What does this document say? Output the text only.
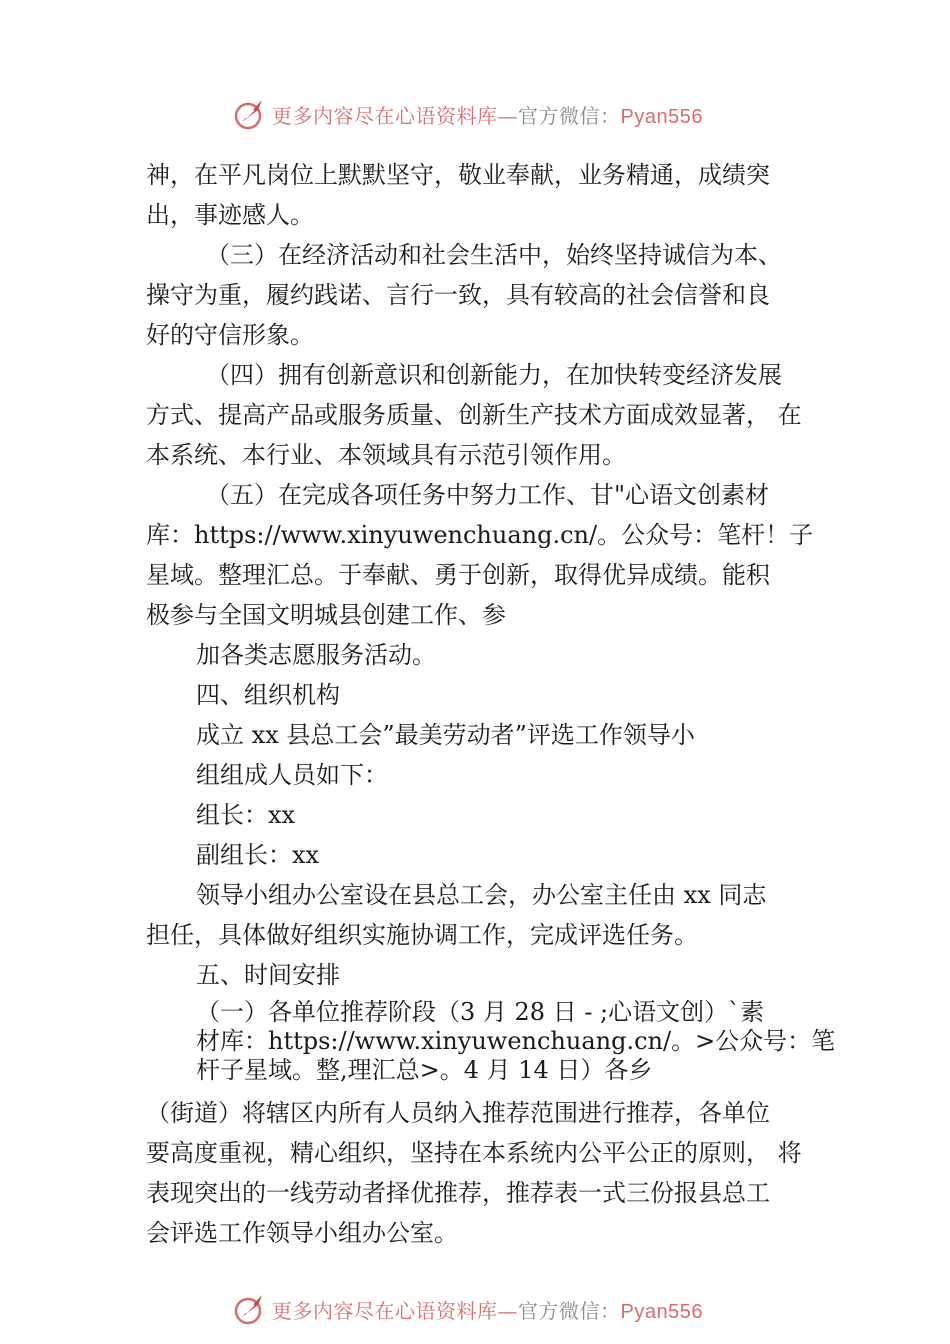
更多内容尽在心语资料库—官方微信：Pyan556

神，在平凡岗位上默默坚守，敬业奉献，业务精通，成绩突

出，事迹感人。

（三）在经济活动和社会生活中，始终坚持诚信为本、

操守为重，履约践诺、言行一致，具有较高的社会信誉和良

好的守信形象。

（四）拥有创新意识和创新能力，在加快转变经济发展

方式、提高产品或服务质量、创新生产技术方面成效显著， 在

本系统、本行业、本领域具有示范引领作用。

（五）在完成各项任务中努力工作、甘"心语文创素材

库：https://www.xinyuwenchuang.cn/。公众号：笔杆！子

星域。整理汇总。于奉献、勇于创新，取得优异成绩。能积

极参与全国文明城县创建工作、参

加各类志愿服务活动。

四、组织机构

成立 xx 县总工会”最美劳动者”评选工作领导小

组组成人员如下：

组长：xx

副组长：xx

领导小组办公室设在县总工会，办公室主任由 xx 同志

担任，具体做好组织实施协调工作，完成评选任务。

五、时间安排

（一）各单位推荐阶段（3 月 28 日 - ;心语文创）`素

材库：https://www.xinyuwenchuang.cn/。>公众号：笔

杆子星域。整,理汇总>。4 月 14 日）各乡

（街道）将辖区内所有人员纳入推荐范围进行推荐，各单位

要高度重视，精心组织，坚持在本系统内公平公正的原则， 将

表现突出的一线劳动者择优推荐，推荐表一式三份报县总工

会评选工作领导小组办公室。

更多内容尽在心语资料库—官方微信：Pyan556
